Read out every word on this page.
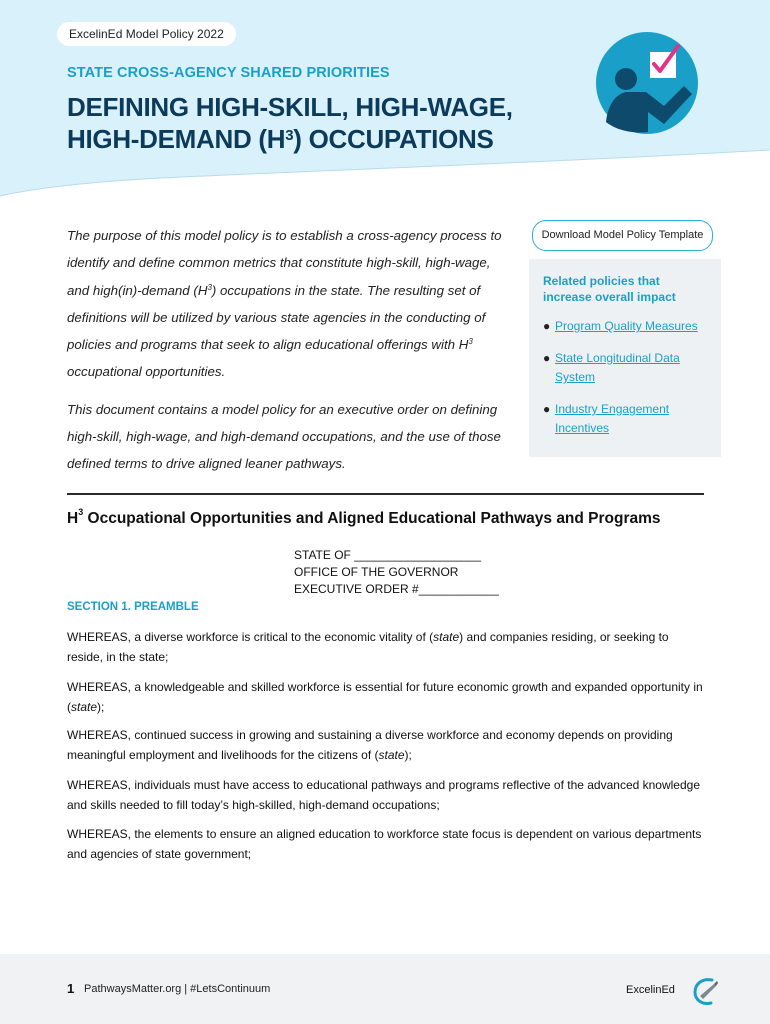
ExcelinEd Model Policy 2022
STATE CROSS-AGENCY SHARED PRIORITIES
DEFINING HIGH-SKILL, HIGH-WAGE,
HIGH-DEMAND $(H^3)$ OCCUPATIONS

The purpose of this model policy is to establish a cross-agency process to identify and define common metrics that constitute high-skill, high-wage, and high(in)-demand $(H^3)$ occupations in the state. The resulting set of definitions will be utilized by various state agencies in the conducting of policies and programs that seek to align educational offerings with $H^3$ occupational opportunities.

This document contains a model policy for an executive order on defining high-skill, high-wage, and high-demand occupations, and the use of those defined terms to drive aligned leaner pathways.

Download Model Policy Template
Related policies that increase overall impact
● Program Quality Measures
● State Longitudinal Data System
● Industry Engagement Incentives
$H^3$ Occupational Opportunities and Aligned Educational Pathways and Programs
STATE OF ___________________
OFFICE OF THE GOVERNOR
EXECUTIVE ORDER #____________
SECTION 1. PREAMBLE

WHEREAS, a diverse workforce is critical to the economic vitality of (state) and companies residing, or seeking to reside, in the state;

WHEREAS, a knowledgeable and skilled workforce is essential for future economic growth and expanded opportunity in (state);

WHEREAS, continued success in growing and sustaining a diverse workforce and economy depends on providing meaningful employment and livelihoods for the citizens of (state);

WHEREAS, individuals must have access to educational pathways and programs reflective of the advanced knowledge and skills needed to fill today’s high-skilled, high-demand occupations;

WHEREAS, the elements to ensure an aligned education to workforce state focus is dependent on various departments and agencies of state government;

1 PathwaysMatter.org | #LetsContinuum	ExcelinEd
